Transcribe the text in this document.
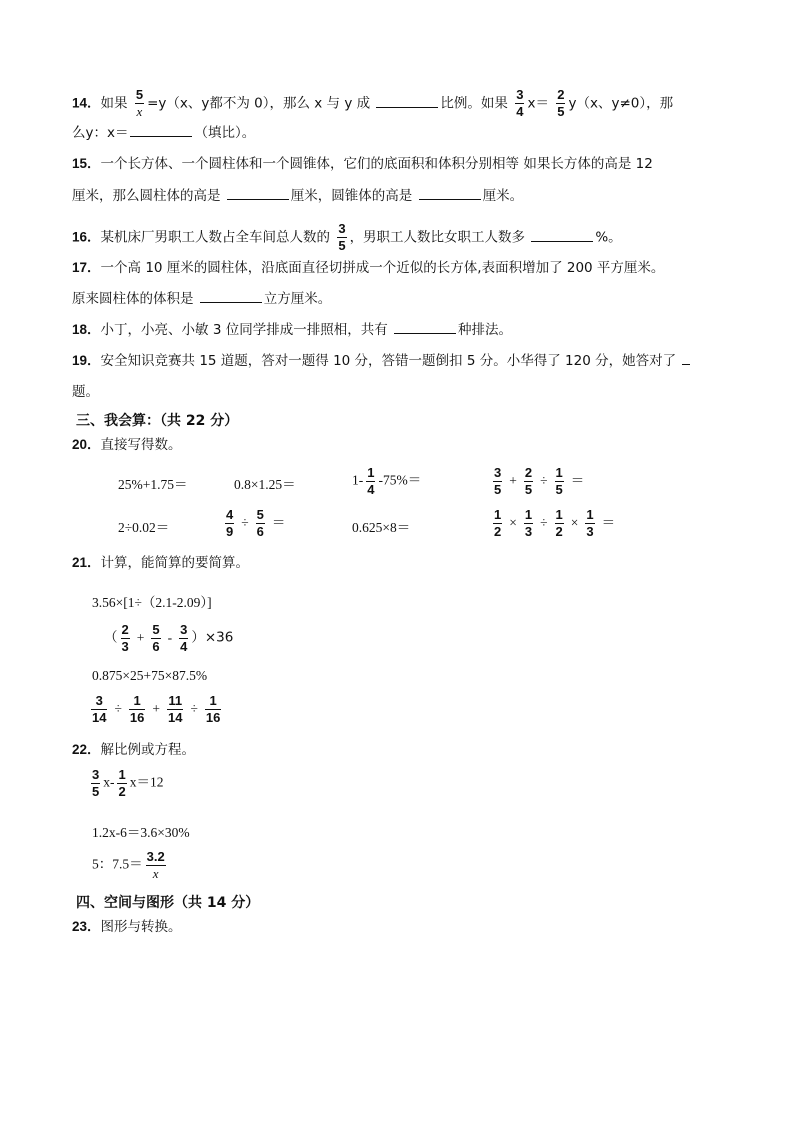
14．如果 $\frac{5}{x} =y(x$、y都不为 0），那么 x 与 y 成	比例。如果 $\frac{3}{4} x= \frac{2}{5} y(x$、y≠0），那
么y：x＝	（填比）。
15．一个长方体、一个圆柱体和一个圆锥体，它们的底面积和体积分别相等 如果长方体的高是 12
厘米，那么圆柱体的高是	厘米，圆锥体的高是	厘米。
16．某机床厂男职工人数占全车间总人数的 $\frac{3}{5}$ ，男职工人数比女职工人数多	%。
17．一个高 10 厘米的圆柱体，沿底面直径切拼成一个近似的长方体,表面积增加了 200 平方厘米。
原来圆柱体的体积是	立方厘米。
18．小丁，小亮、小敏 3 位同学排成一排照相，共有	种排法。
19．安全知识竞赛共 15 道题，答对一题得 10 分，答错一题倒扣 5 分。小华得了 120 分，她答对了
题。
三、我会算：（共 22 分）
20．直接写得数。
25%+1.75＝	0.8×1.25＝	$1- \frac{1}{4} -75\%=$	$\frac{3}{5} + \frac{2}{5} \div \frac{1}{5}$ ＝
2÷0.02＝	$\frac{4}{9} \div \frac{5}{6}$ ＝	0.625×8＝	$\frac{1}{2} \times \frac{1}{3} \div \frac{1}{2} \times \frac{1}{3}$ ＝
21．计算，能简算的要简算。
3.56×[1÷（2.1-2.09）]
（ $\frac{2}{3} + \frac{5}{6} - \frac{3}{4} )\times 36$
0.875×25+75×87.5%
$\frac{3}{14} \div \frac{1}{16} + \frac{11}{14} \div \frac{1}{16}$
22．解比例或方程。
$\frac{3}{5} x- \frac{1}{2} x=12$
1.2x-6＝3.6×30%
5：$7.5= \frac{3.2}{x}$
四、空间与图形（共 14 分）
23．图形与转换。
